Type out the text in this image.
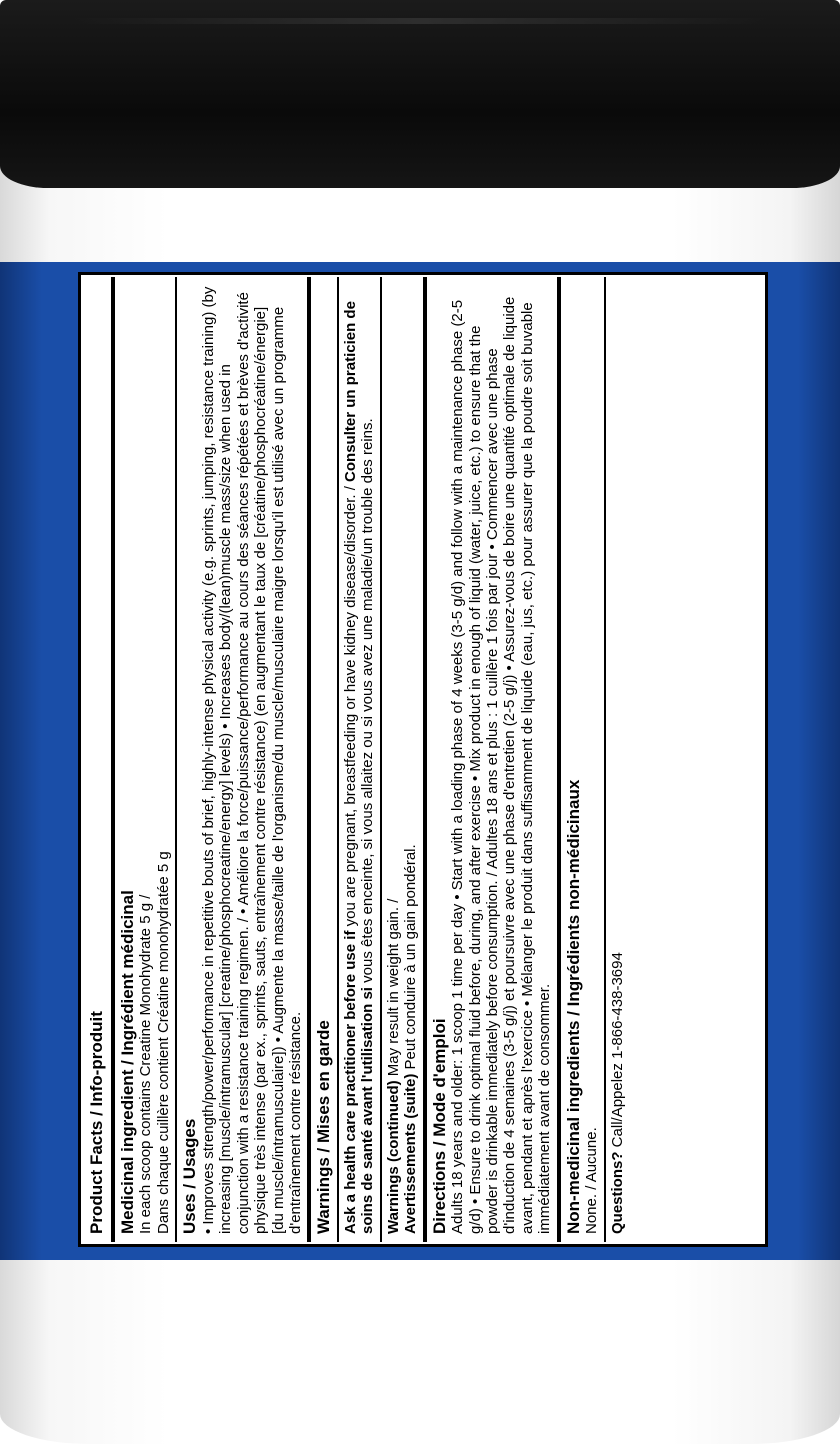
Product Facts / Info-produit Medicinal ingredient / Ingrédient médicinal In each scoop contains Creatine Monohydrate 5 g / Dans chaque cuillère contient Créatine monohydratée 5 g Uses / Usages • Improves strength/power/performance in repetitive bouts of brief, highly-intense physical activity (e.g. sprints, jumping, resistance training) (by increasing [muscle/intramuscular] [creatine/phosphocreatine/energy] levels) • Increases body/(lean)muscle mass/size when used in conjunction with a resistance training regimen. / • Améliore la force/puissance/performance au cours des séances répétées et brèves d'activité physique très intense (par ex., sprints, sauts, entraînement contre résistance) (en augmentant le taux de [créatine/phosphocréatine/énergie] [du muscle/intramusculaire]) • Augmente la masse/taille de l'organisme/du muscle/musculaire maigre lorsqu'il est utilisé avec un programme d'entraînement contre résistance. Warnings / Mises en garde Ask a health care practitioner before use if you are pregnant, breastfeeding or have kidney disease/disorder. / Consulter un praticien de soins de santé avant l'utilisation si vous êtes enceinte, si vous allaitez ou si vous avez une maladie/un trouble des reins.

Warnings (continued) May result in weight gain. /

Avertissements (suite) Peut conduire à un gain pondéral.

Directions / Mode d'emploi Adults 18 years and older: 1 scoop 1 time per day • Start with a loading phase of 4 weeks (3-5 g/d) and follow with a maintenance phase (2-5 g/d) • Ensure to drink optimal fluid before, during, and after exercise • Mix product in enough of liquid (water, juice, etc.) to ensure that the powder is drinkable immediately before consumption. / Adultes 18 ans et plus : 1 cuillère 1 fois par jour • Commencer avec une phase d'induction de 4 semaines (3-5 g/j) et poursuivre avec une phase d'entretien (2-5 g/j) • Assurez-vous de boire une quantité optimale de liquide avant, pendant et après l'exercice • Mélanger le produit dans suffisamment de liquide (eau, jus, etc.) pour assurer que la poudre soit buvable immédiatement avant de consommer. Non-medicinal ingredients / Ingrédients non-médicinaux None. / Aucune. Questions? Call/Appelez 1-866-438-3694
